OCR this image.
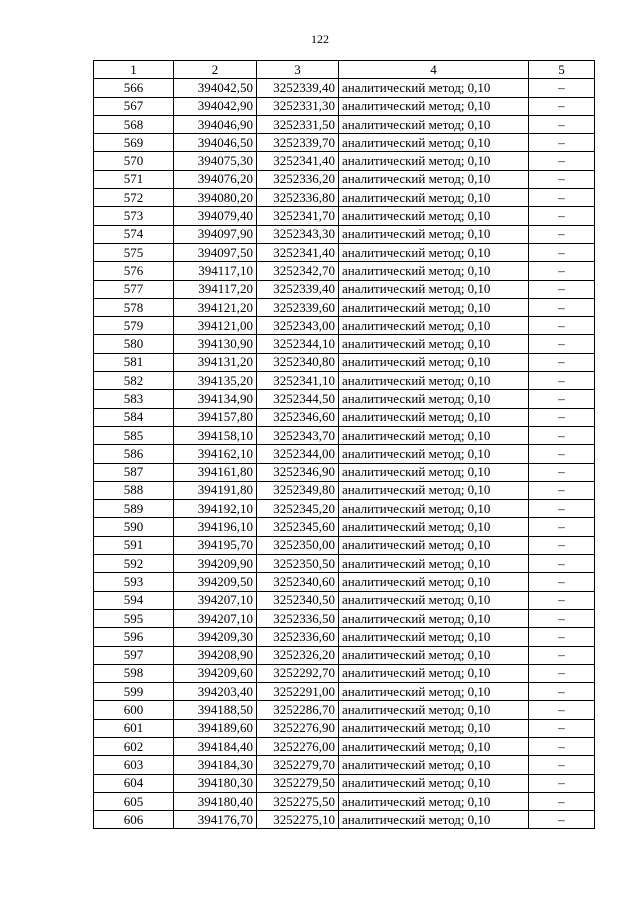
122
1	2	3	4	5
566	394042,50	3252339,40	аналитический метод; 0,10	–
567	394042,90	3252331,30	аналитический метод; 0,10	–
568	394046,90	3252331,50	аналитический метод; 0,10	–
569	394046,50	3252339,70	аналитический метод; 0,10	–
570	394075,30	3252341,40	аналитический метод; 0,10	–
571	394076,20	3252336,20	аналитический метод; 0,10	–
572	394080,20	3252336,80	аналитический метод; 0,10	–
573	394079,40	3252341,70	аналитический метод; 0,10	–
574	394097,90	3252343,30	аналитический метод; 0,10	–
575	394097,50	3252341,40	аналитический метод; 0,10	–
576	394117,10	3252342,70	аналитический метод; 0,10	–
577	394117,20	3252339,40	аналитический метод; 0,10	–
578	394121,20	3252339,60	аналитический метод; 0,10	–
579	394121,00	3252343,00	аналитический метод; 0,10	–
580	394130,90	3252344,10	аналитический метод; 0,10	–
581	394131,20	3252340,80	аналитический метод; 0,10	–
582	394135,20	3252341,10	аналитический метод; 0,10	–
583	394134,90	3252344,50	аналитический метод; 0,10	–
584	394157,80	3252346,60	аналитический метод; 0,10	–
585	394158,10	3252343,70	аналитический метод; 0,10	–
586	394162,10	3252344,00	аналитический метод; 0,10	–
587	394161,80	3252346,90	аналитический метод; 0,10	–
588	394191,80	3252349,80	аналитический метод; 0,10	–
589	394192,10	3252345,20	аналитический метод; 0,10	–
590	394196,10	3252345,60	аналитический метод; 0,10	–
591	394195,70	3252350,00	аналитический метод; 0,10	–
592	394209,90	3252350,50	аналитический метод; 0,10	–
593	394209,50	3252340,60	аналитический метод; 0,10	–
594	394207,10	3252340,50	аналитический метод; 0,10	–
595	394207,10	3252336,50	аналитический метод; 0,10	–
596	394209,30	3252336,60	аналитический метод; 0,10	–
597	394208,90	3252326,20	аналитический метод; 0,10	–
598	394209,60	3252292,70	аналитический метод; 0,10	–
599	394203,40	3252291,00	аналитический метод; 0,10	–
600	394188,50	3252286,70	аналитический метод; 0,10	–
601	394189,60	3252276,90	аналитический метод; 0,10	–
602	394184,40	3252276,00	аналитический метод; 0,10	–
603	394184,30	3252279,70	аналитический метод; 0,10	–
604	394180,30	3252279,50	аналитический метод; 0,10	–
605	394180,40	3252275,50	аналитический метод; 0,10	–
606	394176,70	3252275,10	аналитический метод; 0,10	–
